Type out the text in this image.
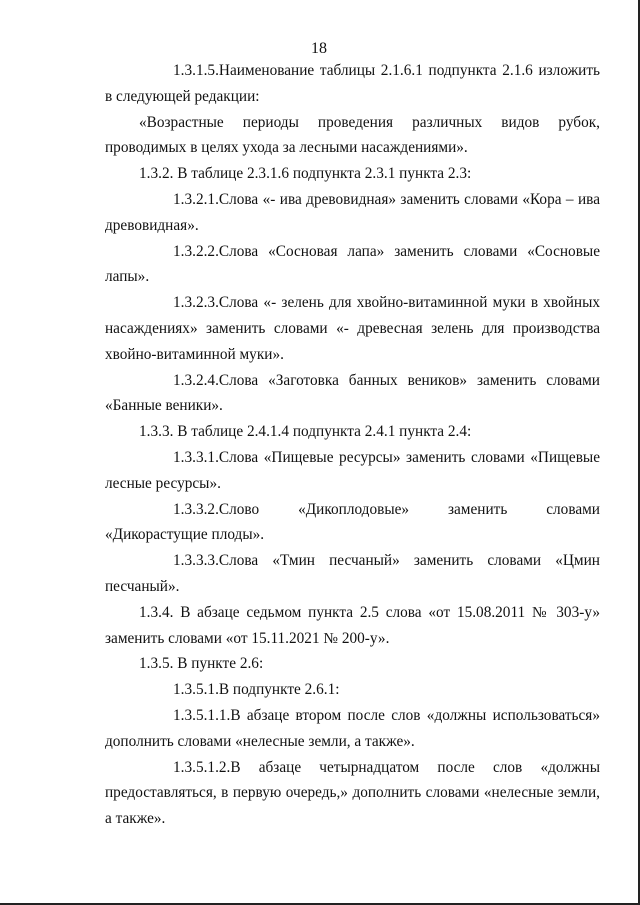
18

1.3.1.5.Наименование таблицы 2.1.6.1 подпункта 2.1.6 изложить в следующей редакции:

«Возрастные периоды проведения различных видов рубок, проводимых в целях ухода за лесными насаждениями».

1.3.2. В таблице 2.3.1.6 подпункта 2.3.1 пункта 2.3:

1.3.2.1.Слова «- ива древовидная» заменить словами «Кора – ива древовидная».

1.3.2.2.Слова «Сосновая лапа» заменить словами «Сосновые лапы».

1.3.2.3.Слова «- зелень для хвойно-витаминной муки в хвойных насаждениях» заменить словами «- древесная зелень для производства хвойно-витаминной муки».

1.3.2.4.Слова «Заготовка банных веников» заменить словами «Банные веники».

1.3.3. В таблице 2.4.1.4 подпункта 2.4.1 пункта 2.4:

1.3.3.1.Слова «Пищевые ресурсы» заменить словами «Пищевые лесные ресурсы».

1.3.3.2.Слово «Дикоплодовые» заменить словами «Дикорастущие плоды».

1.3.3.3.Слова «Тмин песчаный» заменить словами «Цмин песчаный».

1.3.4. В абзаце седьмом пункта 2.5 слова «от 15.08.2011 № 303-у» заменить словами «от 15.11.2021 № 200-у».

1.3.5. В пункте 2.6:

1.3.5.1.В подпункте 2.6.1:

1.3.5.1.1.В абзаце втором после слов «должны использоваться» дополнить словами «нелесные земли, а также».

1.3.5.1.2.В абзаце четырнадцатом после слов «должны предоставляться, в первую очередь,» дополнить словами «нелесные земли, а также».
